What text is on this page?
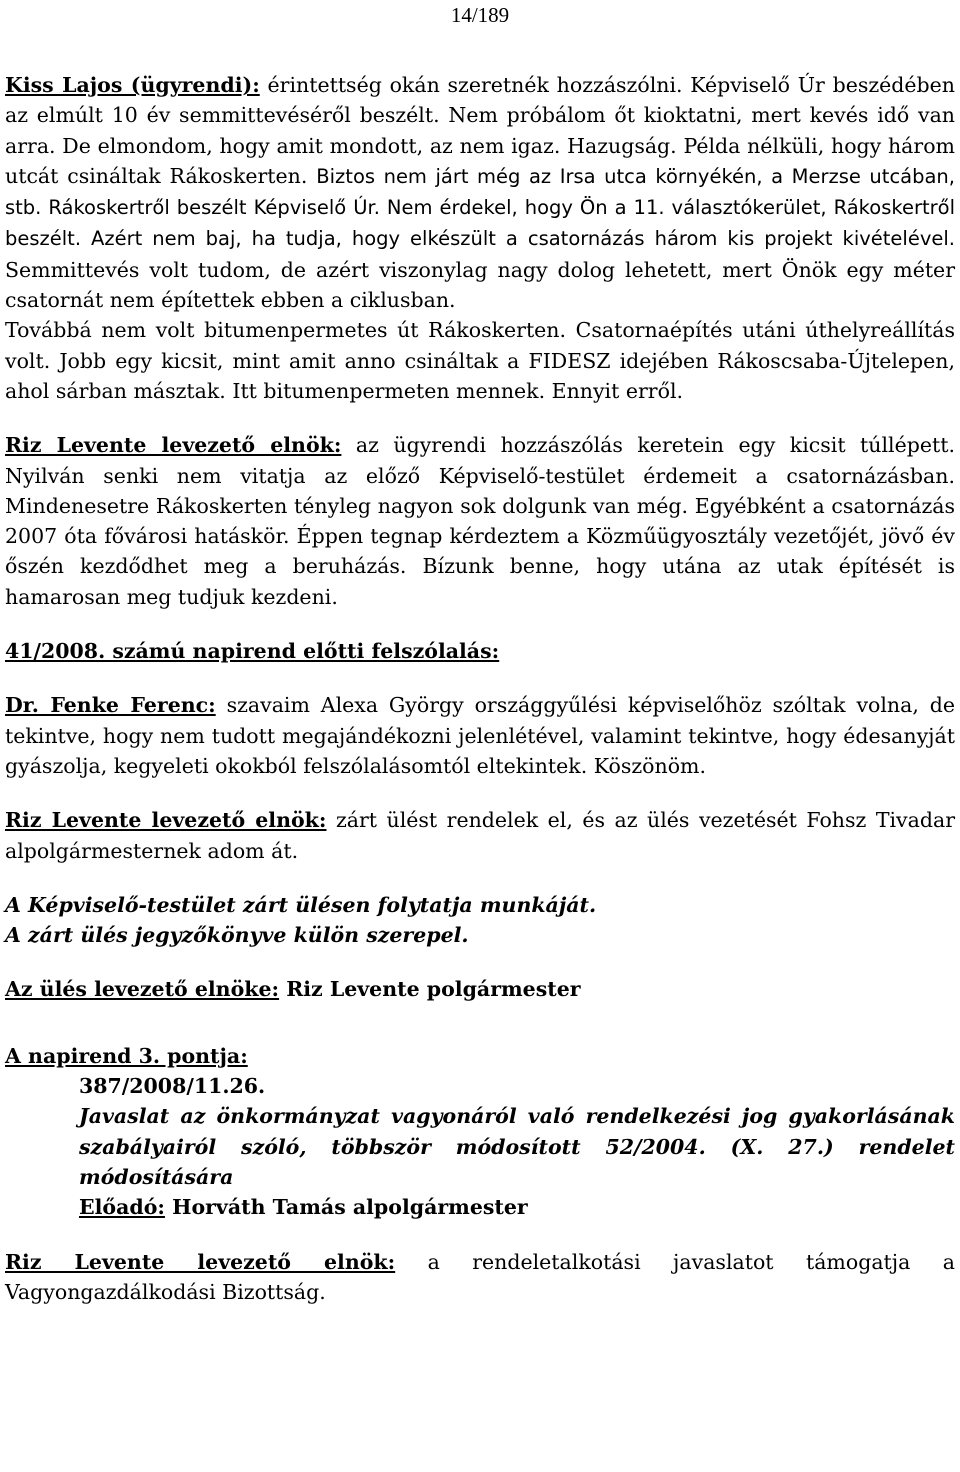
14/189

Kiss Lajos (ügyrendi): érintettség okán szeretnék hozzászólni. Képviselő Úr beszédében az elmúlt 10 év semmittevéséről beszélt. Nem próbálom őt kioktatni, mert kevés idő van arra. De elmondom, hogy amit mondott, az nem igaz. Hazugság. Példa nélküli, hogy három utcát csináltak Rákoskerten. Biztos nem járt még az Irsa utca környékén, a Merzse utcában, stb. Rákoskertről beszélt Képviselő Úr. Nem érdekel, hogy Ön a 11. választókerület, Rákoskertről beszélt. Azért nem baj, ha tudja, hogy elkészült a csatornázás három kis projekt kivételével. Semmittevés volt tudom, de azért viszonylag nagy dolog lehetett, mert Önök egy méter csatornát nem építettek ebben a ciklusban.
Továbbá nem volt bitumenpermetes út Rákoskerten. Csatornaépítés utáni úthelyreállítás volt. Jobb egy kicsit, mint amit anno csináltak a FIDESZ idejében Rákoscsaba-Újtelepen, ahol sárban másztak. Itt bitumenpermeten mennek. Ennyit erről.

Riz Levente levezető elnök: az ügyrendi hozzászólás keretein egy kicsit túllépett. Nyilván senki nem vitatja az előző Képviselő-testület érdemeit a csatornázásban. Mindenesetre Rákoskerten tényleg nagyon sok dolgunk van még. Egyébként a csatornázás 2007 óta fővárosi hatáskör. Éppen tegnap kérdeztem a Közműügyosztály vezetőjét, jövő év őszén kezdődhet meg a beruházás. Bízunk benne, hogy utána az utak építését is hamarosan meg tudjuk kezdeni.

41/2008. számú napirend előtti felszólalás:

Dr. Fenke Ferenc: szavaim Alexa György országgyűlési képviselőhöz szóltak volna, de tekintve, hogy nem tudott megajándékozni jelenlétével, valamint tekintve, hogy édesanyját gyászolja, kegyeleti okokból felszólalásomtól eltekintek. Köszönöm.

Riz Levente levezető elnök: zárt ülést rendelek el, és az ülés vezetését Fohsz Tivadar alpolgármesternek adom át.

A Képviselő-testület zárt ülésen folytatja munkáját.

A zárt ülés jegyzőkönyve külön szerepel.

Az ülés levezető elnöke: Riz Levente polgármester

A napirend 3. pontja:

387/2008/11.26.

Javaslat az önkormányzat vagyonáról való rendelkezési jog gyakorlásának szabályairól szóló, többször módosított 52/2004. (X. 27.) rendelet módosítására

Előadó: Horváth Tamás alpolgármester

Riz Levente levezető elnök: a rendeletalkotási javaslatot támogatja a Vagyongazdálkodási Bizottság.
